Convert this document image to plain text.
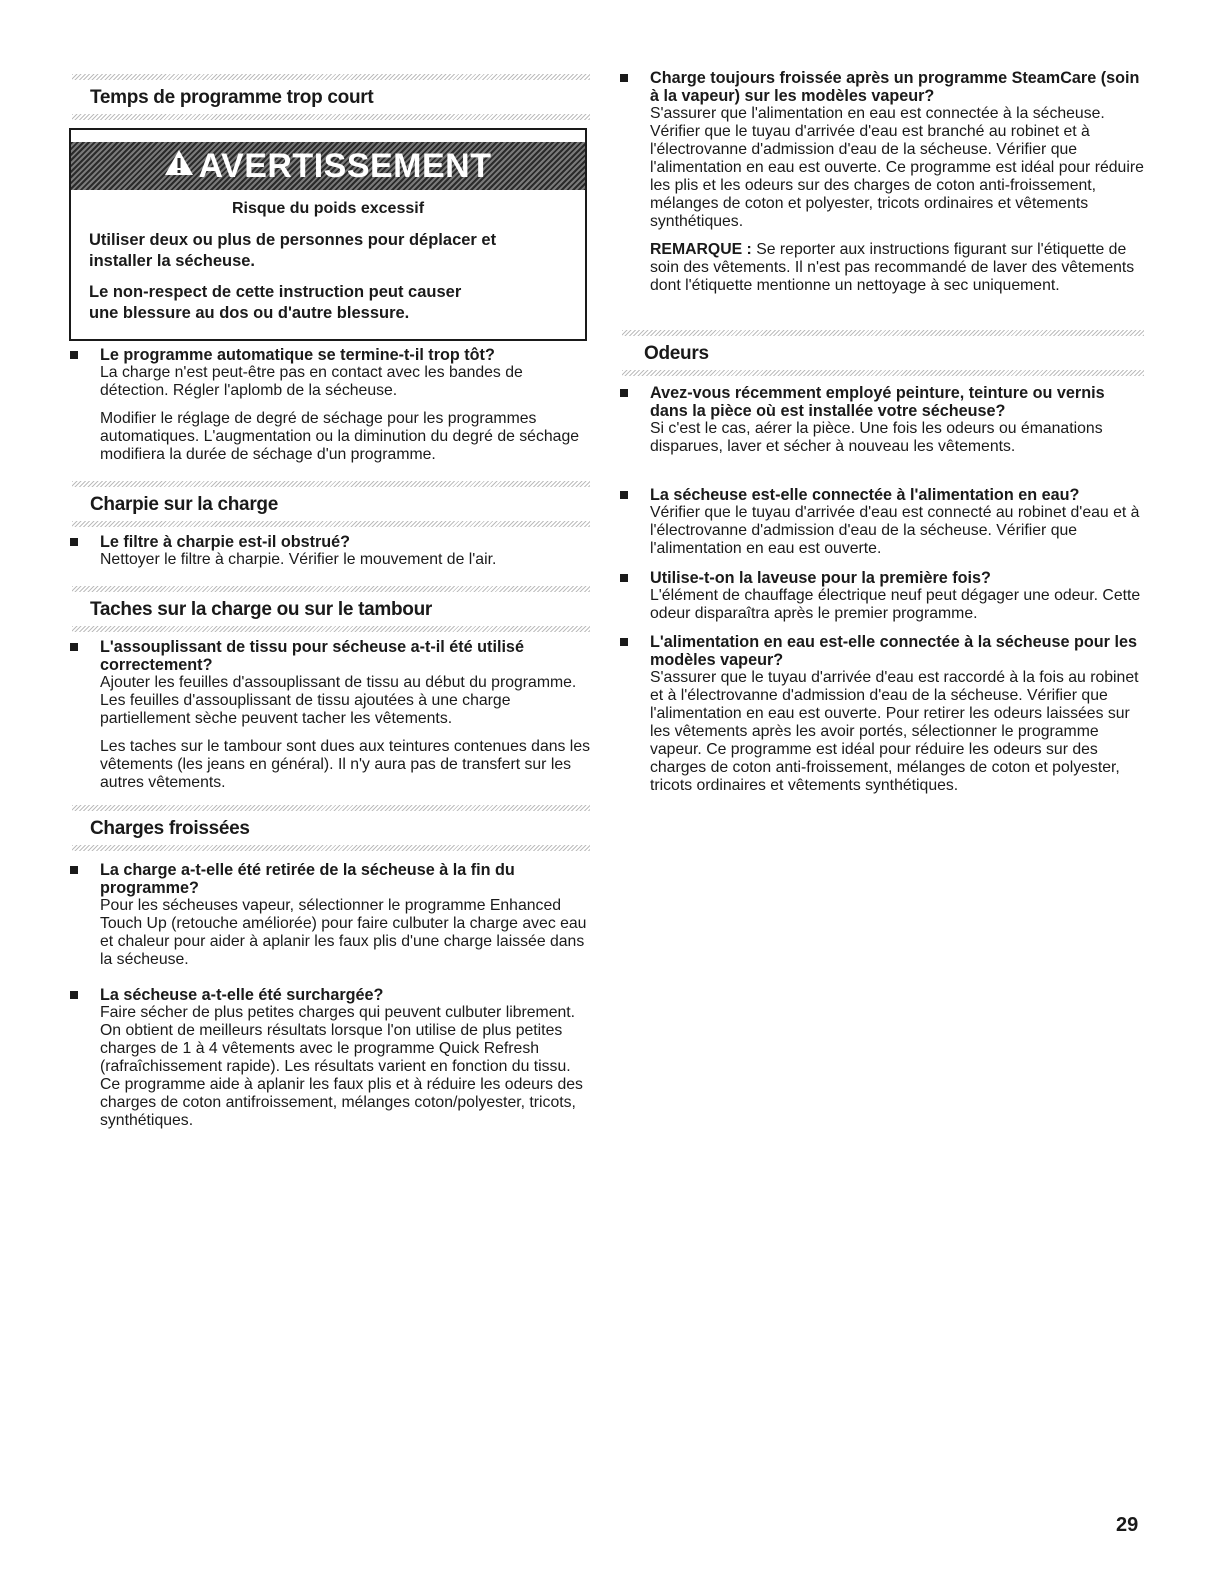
Temps de programme trop court
AVERTISSEMENT
Risque du poids excessif
Utiliser deux ou plus de personnes pour déplacer et
installer la sécheuse.
Le non-respect de cette instruction peut causer
une blessure au dos ou d'autre blessure.

Le programme automatique se termine-t-il trop tôt?

La charge n'est peut-être pas en contact avec les bandes de détection. Régler l'aplomb de la sécheuse.

Modifier le réglage de degré de séchage pour les programmes automatiques. L'augmentation ou la diminution du degré de séchage modifiera la durée de séchage d'un programme.

Charpie sur la charge

Le filtre à charpie est-il obstrué?

Nettoyer le filtre à charpie. Vérifier le mouvement de l'air.

Taches sur la charge ou sur le tambour

L'assouplissant de tissu pour sécheuse a-t-il été utilisé correctement?

Ajouter les feuilles d'assouplissant de tissu au début du programme. Les feuilles d'assouplissant de tissu ajoutées à une charge partiellement sèche peuvent tacher les vêtements.

Les taches sur le tambour sont dues aux teintures contenues dans les vêtements (les jeans en général). Il n'y aura pas de transfert sur les autres vêtements.

Charges froissées

La charge a-t-elle été retirée de la sécheuse à la fin du programme?

Pour les sécheuses vapeur, sélectionner le programme Enhanced Touch Up (retouche améliorée) pour faire culbuter la charge avec eau et chaleur pour aider à aplanir les faux plis d'une charge laissée dans la sécheuse.

La sécheuse a-t-elle été surchargée?

Faire sécher de plus petites charges qui peuvent culbuter librement. On obtient de meilleurs résultats lorsque l'on utilise de plus petites charges de 1 à 4 vêtements avec le programme Quick Refresh (rafraîchissement rapide). Les résultats varient en fonction du tissu. Ce programme aide à aplanir les faux plis et à réduire les odeurs des charges de coton antifroissement, mélanges coton/polyester, tricots, synthétiques.

Charge toujours froissée après un programme SteamCare (soin à la vapeur) sur les modèles vapeur?

S'assurer que l'alimentation en eau est connectée à la sécheuse. Vérifier que le tuyau d'arrivée d'eau est branché au robinet et à l'électrovanne d'admission d'eau de la sécheuse. Vérifier que l'alimentation en eau est ouverte. Ce programme est idéal pour réduire les plis et les odeurs sur des charges de coton anti-froissement, mélanges de coton et polyester, tricots ordinaires et vêtements synthétiques.

REMARQUE : Se reporter aux instructions figurant sur l'étiquette de soin des vêtements. Il n'est pas recommandé de laver des vêtements dont l'étiquette mentionne un nettoyage à sec uniquement.

Odeurs

Avez-vous récemment employé peinture, teinture ou vernis dans la pièce où est installée votre sécheuse?

Si c'est le cas, aérer la pièce. Une fois les odeurs ou émanations disparues, laver et sécher à nouveau les vêtements.

La sécheuse est-elle connectée à l'alimentation en eau?

Vérifier que le tuyau d'arrivée d'eau est connecté au robinet d'eau et à l'électrovanne d'admission d'eau de la sécheuse. Vérifier que l'alimentation en eau est ouverte.

Utilise-t-on la laveuse pour la première fois?

L'élément de chauffage électrique neuf peut dégager une odeur. Cette odeur disparaîtra après le premier programme.

L'alimentation en eau est-elle connectée à la sécheuse pour les modèles vapeur?

S'assurer que le tuyau d'arrivée d'eau est raccordé à la fois au robinet et à l'électrovanne d'admission d'eau de la sécheuse. Vérifier que l'alimentation en eau est ouverte. Pour retirer les odeurs laissées sur les vêtements après les avoir portés, sélectionner le programme vapeur. Ce programme est idéal pour réduire les odeurs sur des charges de coton anti-froissement, mélanges de coton et polyester, tricots ordinaires et vêtements synthétiques.

29
